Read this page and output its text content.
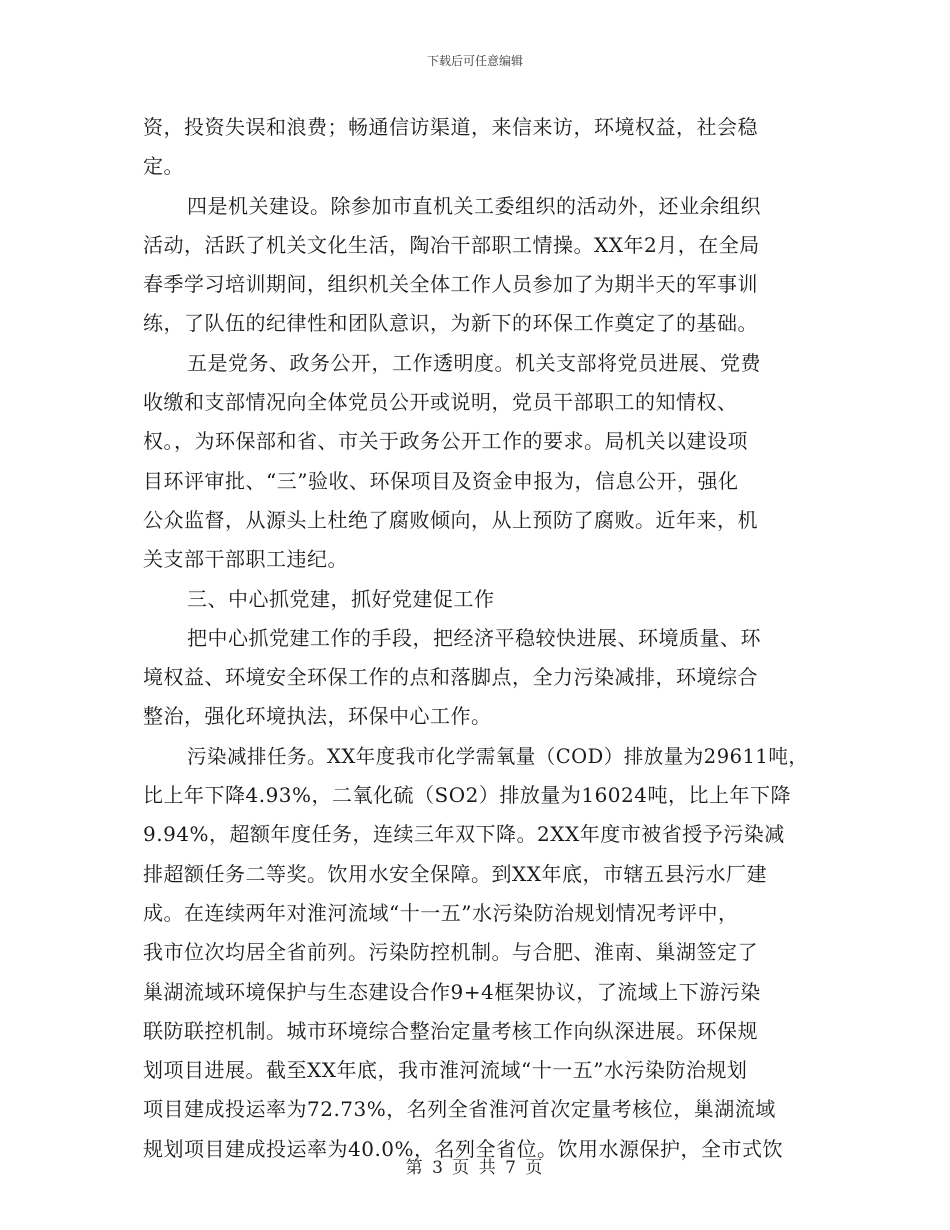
下载后可任意编辑
资，投资失误和浪费；畅通信访渠道，来信来访，环境权益，社会稳
定。
四是机关建设。除参加市直机关工委组织的活动外，还业余组织
活动，活跃了机关文化生活，陶冶干部职工情操。XX年2月，在全局
春季学习培训期间，组织机关全体工作人员参加了为期半天的军事训
练，了队伍的纪律性和团队意识，为新下的环保工作奠定了的基础。
五是党务、政务公开，工作透明度。机关支部将党员进展、党费
收缴和支部情况向全体党员公开或说明，党员干部职工的知情权、
权。，为环保部和省、市关于政务公开工作的要求。局机关以建设项
目环评审批、“三”验收、环保项目及资金申报为，信息公开，强化
公众监督，从源头上杜绝了腐败倾向，从上预防了腐败。近年来，机
关支部干部职工违纪。
三、中心抓党建，抓好党建促工作
把中心抓党建工作的手段，把经济平稳较快进展、环境质量、环
境权益、环境安全环保工作的点和落脚点，全力污染减排，环境综合
整治，强化环境执法，环保中心工作。
污染减排任务。XX年度我市化学需氧量（COD）排放量为29611吨，
比上年下降4.93%，二氧化硫（SO2）排放量为16024吨，比上年下降
9.94%，超额年度任务，连续三年双下降。2XX年度市被省授予污染减
排超额任务二等奖。饮用水安全保障。到XX年底，市辖五县污水厂建
成。在连续两年对淮河流域“十一五”水污染防治规划情况考评中，
我市位次均居全省前列。污染防控机制。与合肥、淮南、巢湖签定了
巢湖流域环境保护与生态建设合作9+4框架协议，了流域上下游污染
联防联控机制。城市环境综合整治定量考核工作向纵深进展。环保规
划项目进展。截至XX年底，我市淮河流域“十一五”水污染防治规划
项目建成投运率为72.73%，名列全省淮河首次定量考核位，巢湖流域
规划项目建成投运率为40.0%，名列全省位。饮用水源保护，全市式饮
第 3 页 共 7 页
